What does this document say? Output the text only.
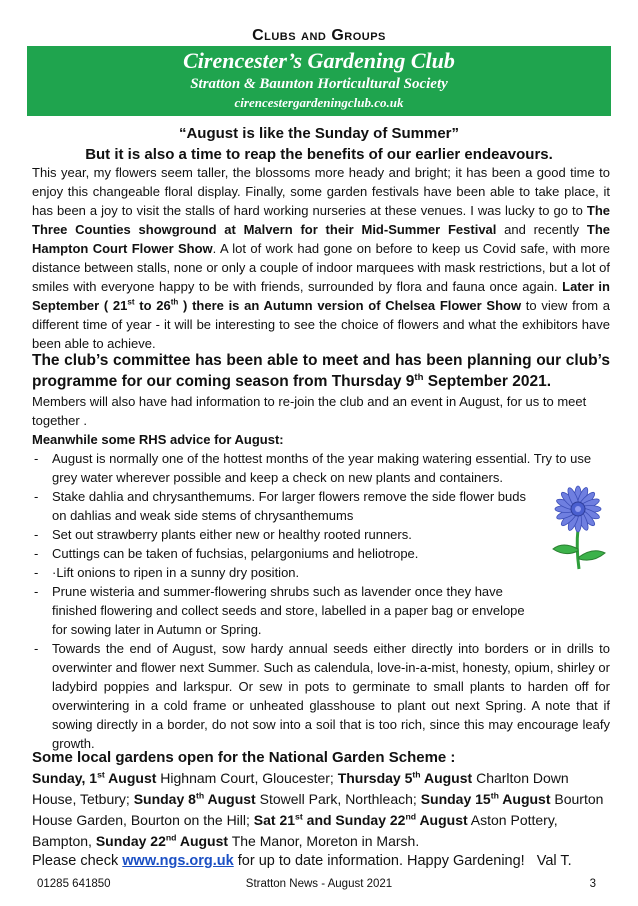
Clubs and Groups
Cirencester’s Gardening Club
Stratton & Baunton Horticultural Society
cirencestergardeningclub.co.uk
“August is like the Sunday of Summer”
But it is also a time to reap the benefits of our earlier endeavours.
This year, my flowers seem taller, the blossoms more heady and bright; it has been a good time to enjoy this changeable floral display. Finally, some garden festivals have been able to take place, it has been a joy to visit the stalls of hard working nurseries at these venues. I was lucky to go to The Three Counties showground at Malvern for their Mid-Summer Festival and recently The Hampton Court Flower Show. A lot of work had gone on before to keep us Covid safe, with more distance between stalls, none or only a couple of indoor marquees with mask restrictions, but a lot of smiles with everyone happy to be with friends, surrounded by flora and fauna once again. Later in September ( 21st to 26th ) there is an Autumn version of Chelsea Flower Show to view from a different time of year - it will be interesting to see the choice of flowers and what the exhibitors have been able to achieve.
The club’s committee has been able to meet and has been planning our club’s programme for our coming season from Thursday 9th September 2021.
Members will also have had information to re-join the club and an event in August, for us to meet together .
Meanwhile some RHS advice for August:
- August is normally one of the hottest months of the year making watering essential. Try to use grey water wherever possible and keep a check on new plants and containers.
- Stake dahlia and chrysanthemums. For larger flowers remove the side flower buds on dahlias and weak side stems of chrysanthemums
- Set out strawberry plants either new or healthy rooted runners.
- Cuttings can be taken of fuchsias, pelargoniums and heliotrope.
- ·Lift onions to ripen in a sunny dry position.
- Prune wisteria and summer-flowering shrubs such as lavender once they have finished flowering and collect seeds and store, labelled in a paper bag or envelope for sowing later in Autumn or Spring.
- Towards the end of August, sow hardy annual seeds either directly into borders or in drills to overwinter and flower next Summer. Such as calendula, love-in-a-mist, honesty, opium, shirley or ladybird poppies and larkspur. Or sew in pots to germinate to small plants to harden off for overwintering in a cold frame or unheated glasshouse to plant out next Spring. A note that if sowing directly in a border, do not sow into a soil that is too rich, since this may encourage leafy growth.
Some local gardens open for the National Garden Scheme :
Sunday, 1st August Highnam Court, Gloucester; Thursday 5th August Charlton Down House, Tetbury; Sunday 8th August Stowell Park, Northleach; Sunday 15th August Bourton House Garden, Bourton on the Hill; Sat 21st and Sunday 22nd August Aston Pottery, Bampton, Sunday 22nd August The Manor, Moreton in Marsh.
Please check www.ngs.org.uk for up to date information. Happy Gardening! Val T.
01285 641850	Stratton News - August 2021	3
